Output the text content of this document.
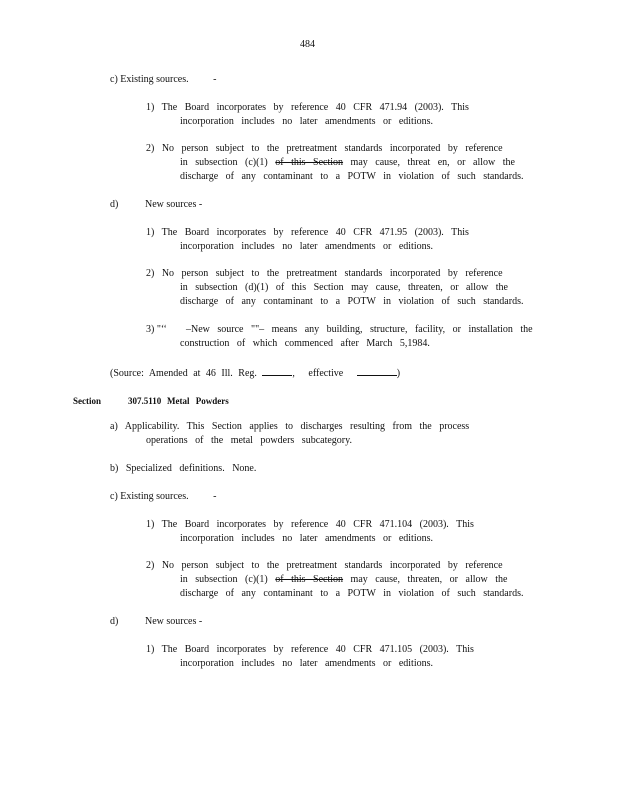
484
c) Existing sources. -
1) The Board incorporates by reference 40 CFR 471.94 (2003). This
incorporation includes no later amendments or editions.
2) No person subject to the pretreatment standards incorporated by reference
in subsection (c)(1) of this Section may cause, threat en, or allow the
discharge of any contaminant to a POTW in violation of such standards.
d)	New sources -
1) The Board incorporates by reference 40 CFR 471.95 (2003). This
incorporation includes no later amendments or editions.
2) No person subject to the pretreatment standards incorporated by reference
in subsection (d)(1) of this Section may cause, threaten, or allow the
discharge of any contaminant to a POTW in violation of such standards.
3) "‘‘ –New source ""– means any building, structure, facility, or installation the
construction of which commenced after March 5,1984.
(Source: Amended at 46 Ill. Reg.	, effective	)
Section	307.5110 Metal Powders
a) Applicability. This Section applies to discharges resulting from the process
operations of the metal powders subcategory.
b) Specialized definitions. None.
c) Existing sources. -
1) The Board incorporates by reference 40 CFR 471.104 (2003). This
incorporation includes no later amendments or editions.
2) No person subject to the pretreatment standards incorporated by reference
in subsection (c)(1) of this Section may cause, threaten, or allow the
discharge of any contaminant to a POTW in violation of such standards.
d)	New sources -
1) The Board incorporates by reference 40 CFR 471.105 (2003). This
incorporation includes no later amendments or editions.
